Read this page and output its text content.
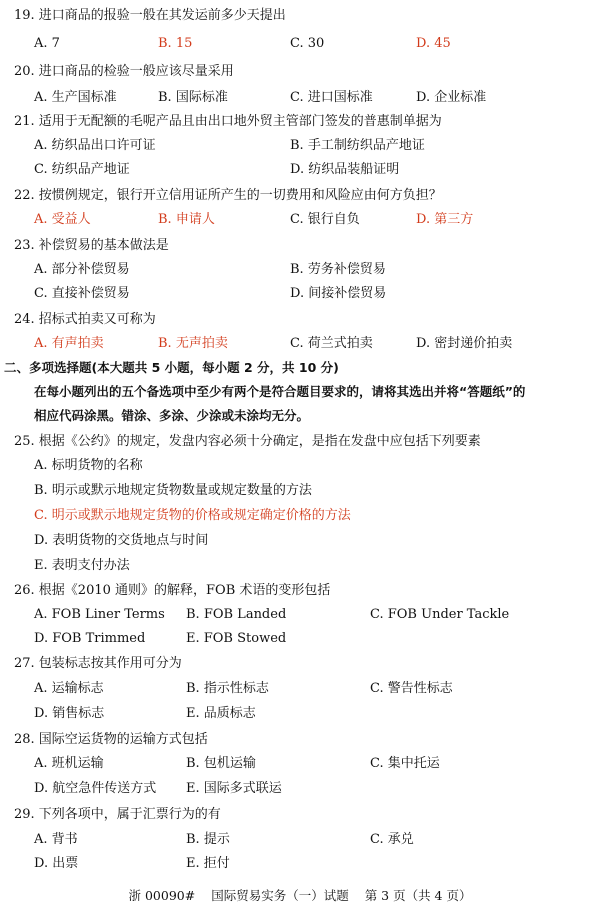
19. 进口商品的报验一般在其发运前多少天提出
A. 7	B. 15	C. 30	D. 45
20. 进口商品的检验一般应该尽量采用
A. 生产国标准	B. 国际标准	C. 进口国标准	D. 企业标准
21. 适用于无配额的毛呢产品且由出口地外贸主管部门签发的普惠制单据为
A. 纺织品出口许可证	B. 手工制纺织品产地证
C. 纺织品产地证	D. 纺织品装船证明
22. 按惯例规定，银行开立信用证所产生的一切费用和风险应由何方负担？
A. 受益人	B. 申请人	C. 银行自负	D. 第三方
23. 补偿贸易的基本做法是
A. 部分补偿贸易	B. 劳务补偿贸易
C. 直接补偿贸易	D. 间接补偿贸易
24. 招标式拍卖又可称为
A. 有声拍卖	B. 无声拍卖	C. 荷兰式拍卖	D. 密封递价拍卖
二、多项选择题(本大题共 5 小题，每小题 2 分，共 10 分)
在每小题列出的五个备选项中至少有两个是符合题目要求的，请将其选出并将“答题纸”的
相应代码涂黑。错涂、多涂、少涂或未涂均无分。
25. 根据《公约》的规定，发盘内容必须十分确定，是指在发盘中应包括下列要素
A. 标明货物的名称
B. 明示或默示地规定货物数量或规定数量的方法
C. 明示或默示地规定货物的价格或规定确定价格的方法
D. 表明货物的交货地点与时间
E. 表明支付办法
26. 根据《2010 通则》的解释，FOB 术语的变形包括
A. FOB Liner Terms B. FOB Landed	C. FOB Under Tackle
D. FOB Trimmed	E. FOB Stowed
27. 包装标志按其作用可分为
A. 运输标志	B. 指示性标志	C. 警告性标志
D. 销售标志	E. 品质标志
28. 国际空运货物的运输方式包括
A. 班机运输	B. 包机运输	C. 集中托运
D. 航空急件传送方式 E. 国际多式联运
29. 下列各项中，属于汇票行为的有
A. 背书	B. 提示	C. 承兑
D. 出票	E. 拒付
浙 00090# 国际贸易实务（一）试题 第 3 页（共 4 页）
